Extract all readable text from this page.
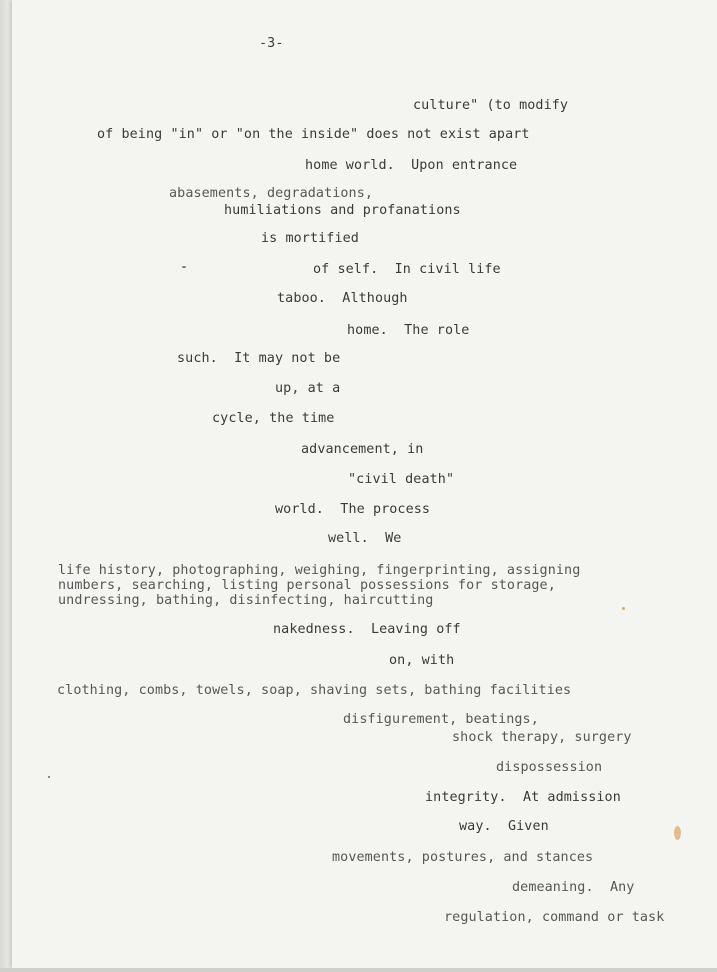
-3-
culture" (to modify
of being "in" or "on the inside" does not exist apart
home world.  Upon entrance
abasements, degradations,
humiliations and profanations
is mortified
of self.  In civil life
taboo.  Although
home.  The role
such.  It may not be
up, at a
cycle, the time
advancement, in
"civil death"
world.  The process
well.  We
life history, photographing, weighing, fingerprinting, assigning
numbers, searching, listing personal possessions for storage,
undressing, bathing, disinfecting, haircutting
nakedness.  Leaving off
on, with
clothing, combs, towels, soap, shaving sets, bathing facilities
disfigurement, beatings,
shock therapy, surgery
dispossession
integrity.  At admission
way.  Given
movements, postures, and stances
demeaning.  Any
regulation, command or task
